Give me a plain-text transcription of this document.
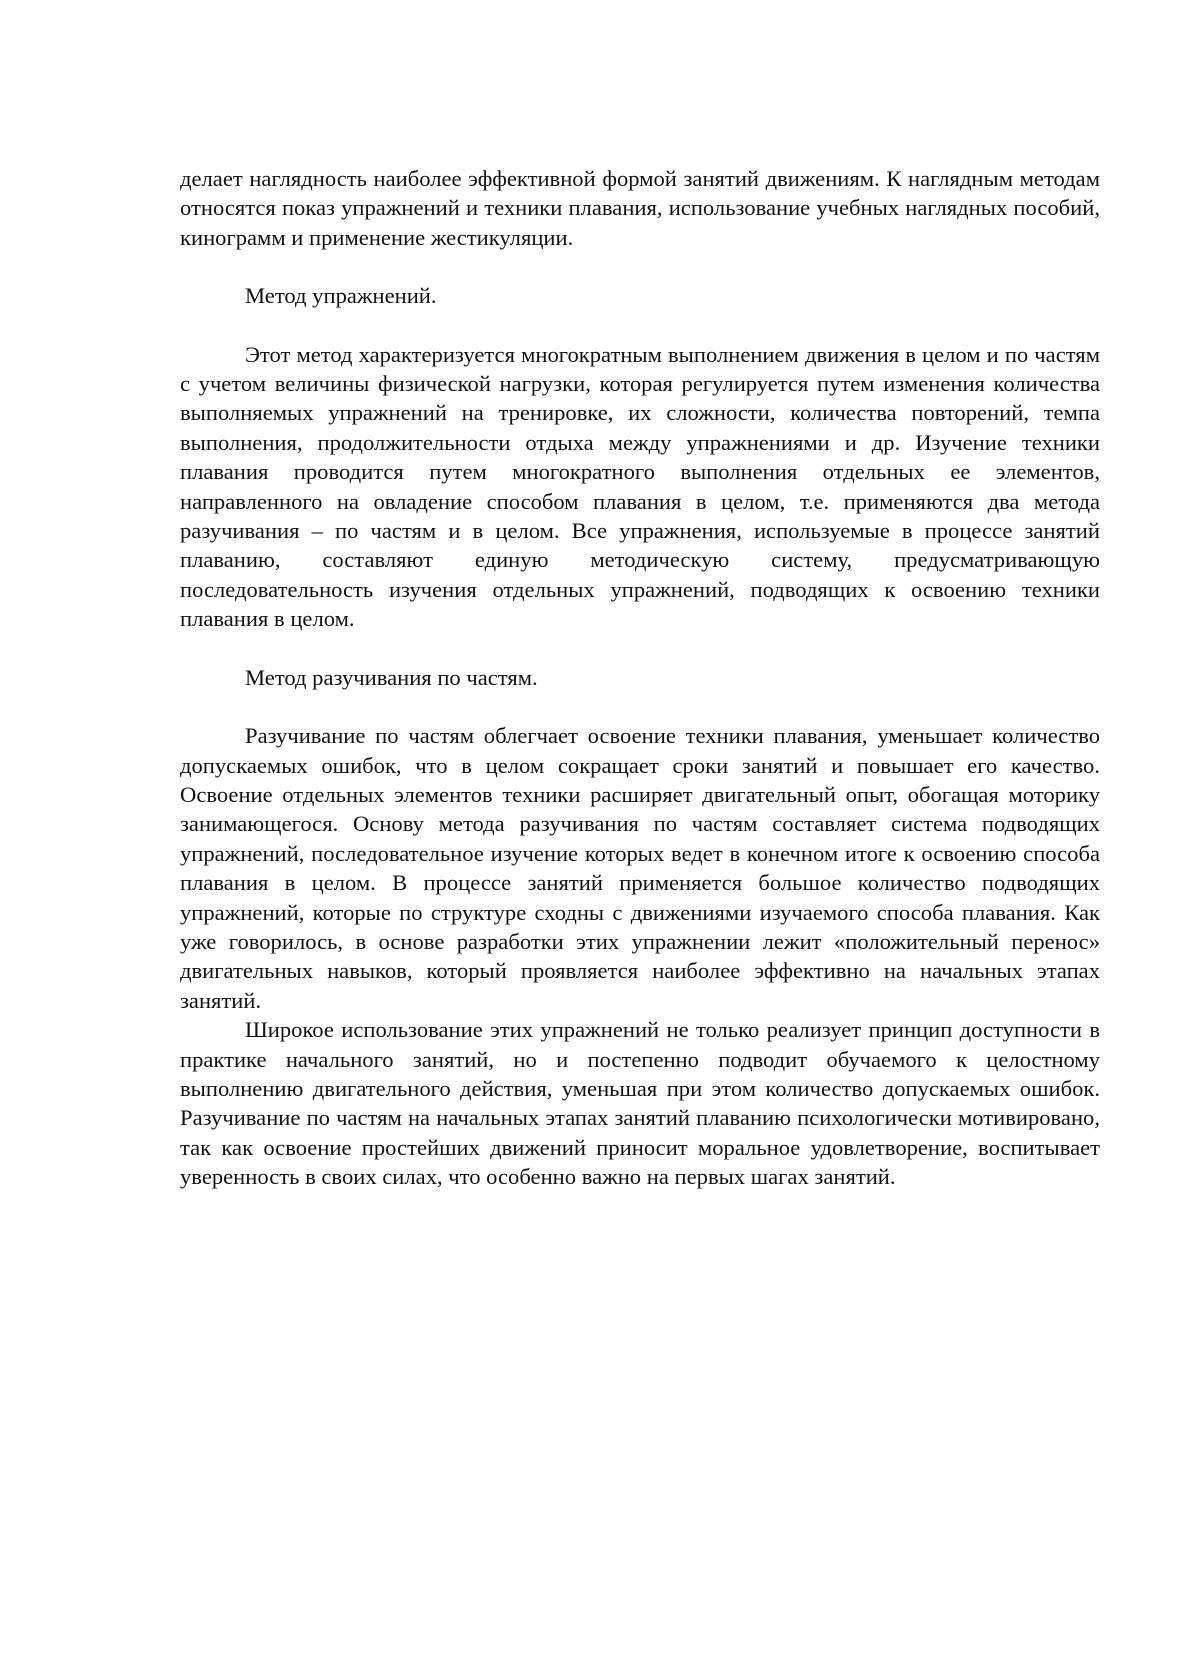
делает наглядность наиболее эффективной формой занятий движениям. К наглядным методам относятся показ упражнений и техники плавания, использование учебных наглядных пособий, кинограмм и применение жестикуляции.

Метод упражнений.

Этот метод характеризуется многократным выполнением движения в целом и по частям с учетом величины физической нагрузки, которая регулируется путем изменения количества выполняемых упражнений на тренировке, их сложности, количества повторений, темпа выполнения, продолжительности отдыха между упражнениями и др. Изучение техники плавания проводится путем многократного выполнения отдельных ее элементов, направленного на овладение способом плавания в целом, т.е. применяются два метода разучивания – по частям и в целом. Все упражнения, используемые в процессе занятий плаванию, составляют единую методическую систему, предусматривающую последовательность изучения отдельных упражнений, подводящих к освоению техники плавания в целом.

Метод разучивания по частям.

Разучивание по частям облегчает освоение техники плавания, уменьшает количество допускаемых ошибок, что в целом сокращает сроки занятий и повышает его качество. Освоение отдельных элементов техники расширяет двигательный опыт, обогащая моторику занимающегося. Основу метода разучивания по частям составляет система подводящих упражнений, последовательное изучение которых ведет в конечном итоге к освоению способа плавания в целом. В процессе занятий применяется большое количество подводящих упражнений, которые по структуре сходны с движениями изучаемого способа плавания. Как уже говорилось, в основе разработки этих упражнении лежит «положительный перенос» двигательных навыков, который проявляется наиболее эффективно на начальных этапах занятий.

Широкое использование этих упражнений не только реализует принцип доступности в практике начального занятий, но и постепенно подводит обучаемого к целостному выполнению двигательного действия, уменьшая при этом количество допускаемых ошибок. Разучивание по частям на начальных этапах занятий плаванию психологически мотивировано, так как освоение простейших движений приносит моральное удовлетворение, воспитывает уверенность в своих силах, что особенно важно на первых шагах занятий.
